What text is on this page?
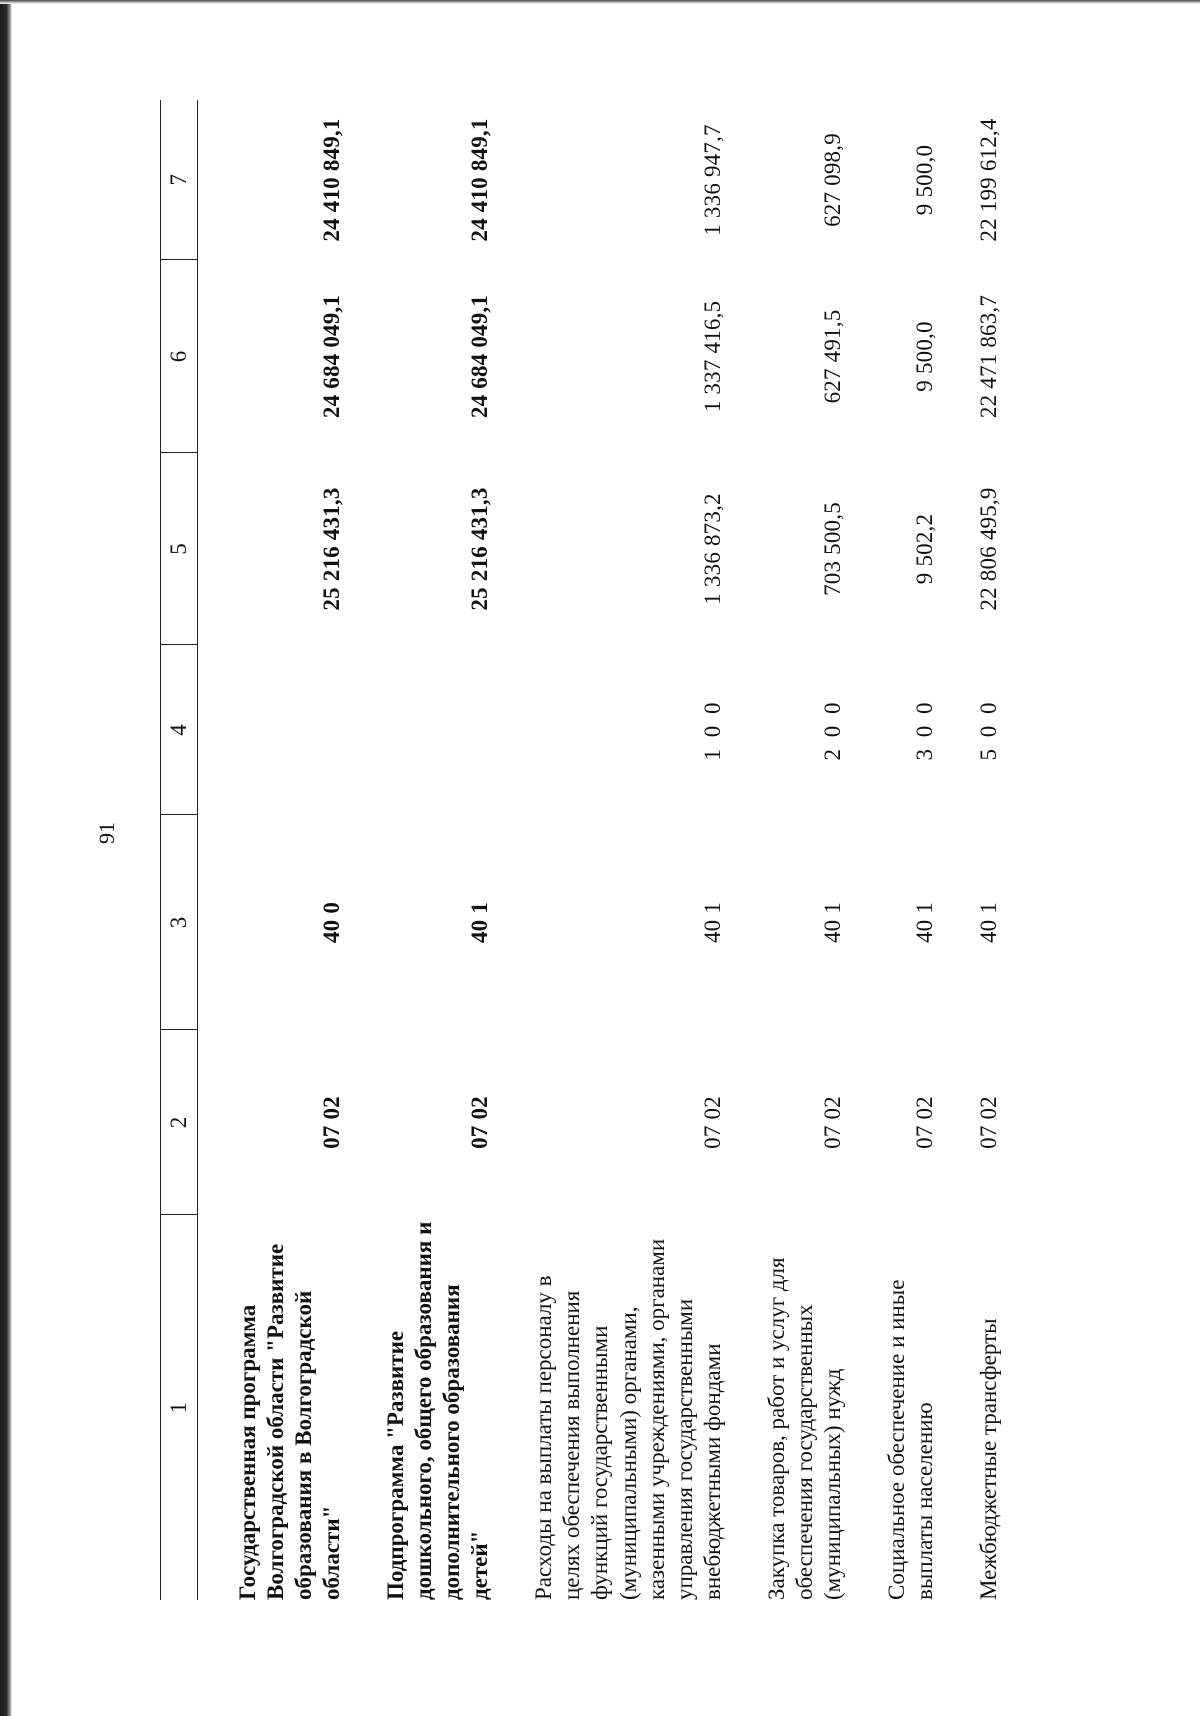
91
1	2	3	4	5	6	7

Государственная программа Волгоградской области "Развитие образования в Волгоградской области"	07 02	40 0		25 216 431,3	24 684 049,1	24 410 849,1

Подпрограмма "Развитие дошкольного, общего образования и дополнительного образования детей"	07 02	40 1		25 216 431,3	24 684 049,1	24 410 849,1

Расходы на выплаты персоналу в целях обеспечения выполнения функций государственными (муниципальными) органами, казенными учреждениями, органами управления государственными внебюджетными фондами	07 02	40 1	1 0 0	1 336 873,2	1 337 416,5	1 336 947,7

Закупка товаров, работ и услуг для обеспечения государственных (муниципальных) нужд	07 02	40 1	2 0 0	703 500,5	627 491,5	627 098,9

Социальное обеспечение и иные выплаты населению	07 02	40 1	3 0 0	9 502,2	9 500,0	9 500,0

Межбюджетные трансферты	07 02	40 1	5 0 0	22 806 495,9	22 471 863,7	22 199 612,4
